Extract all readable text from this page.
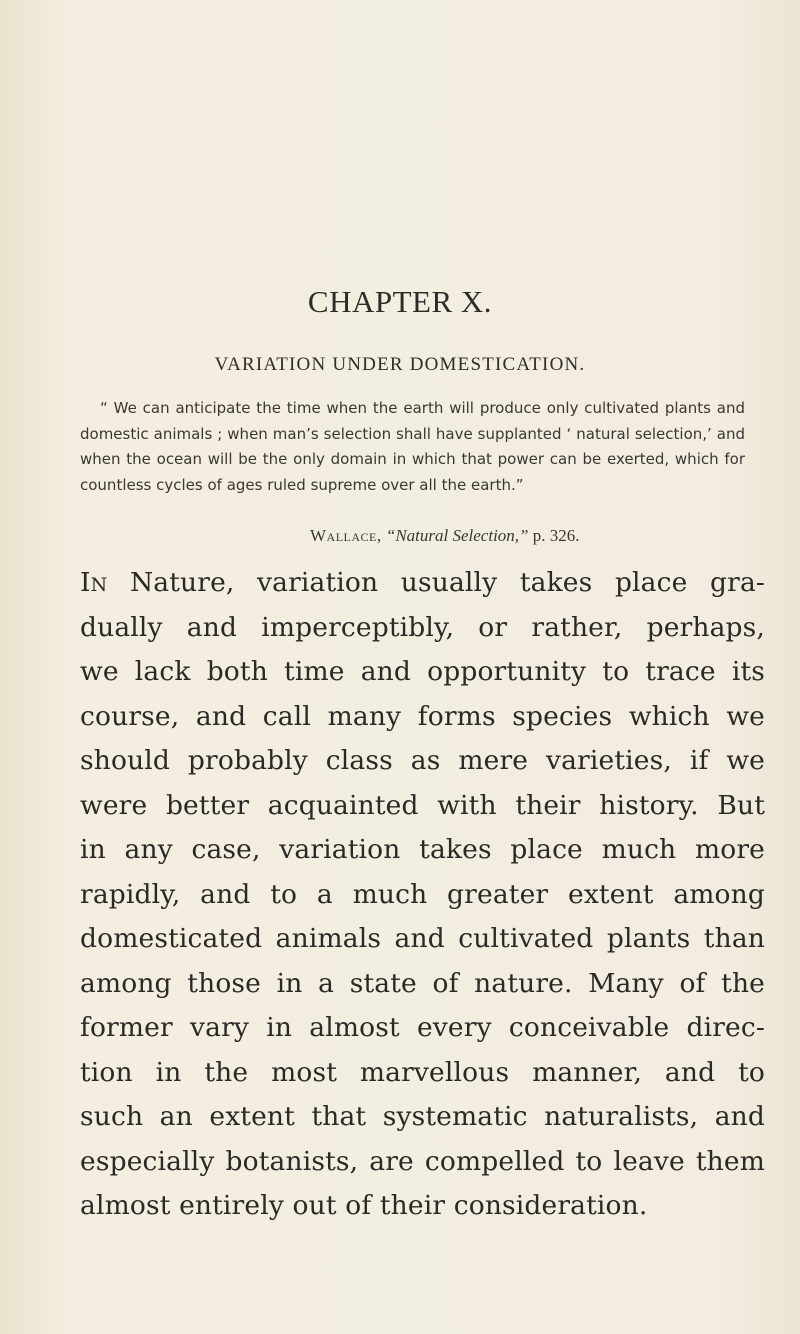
CHAPTER X.
VARIATION UNDER DOMESTICATION.

“ We can anticipate the time when the earth will produce only cultivated plants and domestic animals ; when man’s selection shall have supplanted ‘ natural selection,’ and when the ocean will be the only domain in which that power can be exerted, which for countless cycles of ages ruled supreme over all the earth.”

Wallace, “Natural Selection,” p. 326.

In Nature, variation usually takes place gra-
dually and imperceptibly, or rather, perhaps,
we lack both time and opportunity to trace its
course, and call many forms species which we
should probably class as mere varieties, if we
were better acquainted with their history. But
in any case, variation takes place much more
rapidly, and to a much greater extent among
domesticated animals and cultivated plants than
among those in a state of nature. Many of the
former vary in almost every conceivable direc-
tion in the most marvellous manner, and to
such an extent that systematic naturalists, and
especially botanists, are compelled to leave them
almost entirely out of their consideration.
